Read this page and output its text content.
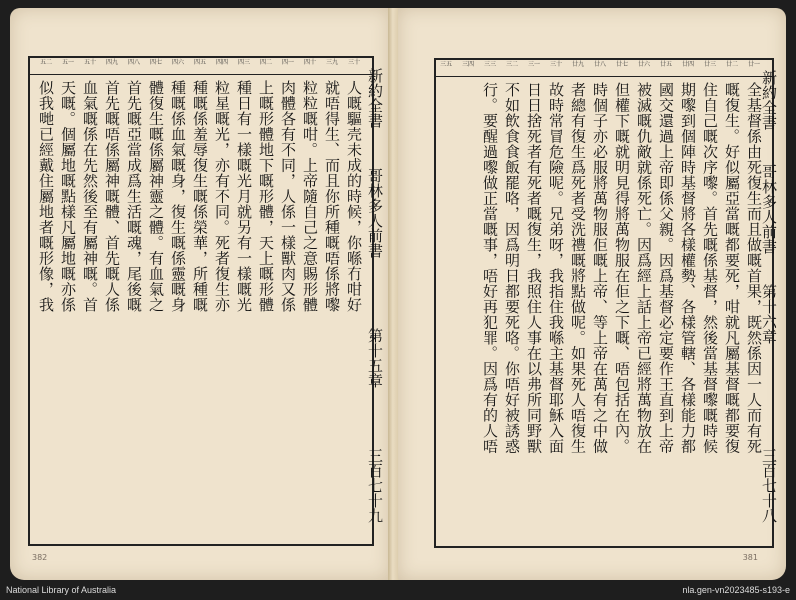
三十
三九
四十
四一
四二
四三
四四
四五
四六
四七
四八
四九
五十
五一
五二
人嘅驅壳未成的時候，你喺冇咁好
就唔得生、而且你所種嘅唔係將嚟
粒粒嘅咁。上帝隨自己之意賜形體
肉體各有不同，人係一樣獸肉又係
上嘅形體地下嘅形體，天上嘅形體
種日有一樣嘅光月就另有一樣嘅光
粒星嘅光，亦有不同。死者復生亦
種嘅係羞辱復生嘅係榮華，所種嘅
種嘅係血氣嘅身，復生嘅係靈嘅身
體復生嘅係屬神靈之體。有血氣之
首先嘅亞當成爲生活嘅魂，尾後嘅
首先嘅唔係屬神嘅體、首先嘅人係
血氣嘅係在先然後至有屬神嘅。首
天嘅。個屬地嘅點樣凡屬地嘅亦係
似我哋已經戴住屬地者嘅形像，我	新約全書
哥林多人前書
第十五章
三百七十九
382
廿一
廿二
廿三
廿四
廿五
廿六
廿七
廿八
廿九
三十
三一
三二
三三
三四
三五
全基督係由死復生而且做嘅首果，既然係因一人而有死
嘅復生。好似屬亞當嘅都要死，咁就凡屬基督嘅都要復
住自己嘅次序嚟。首先嘅係基督，然後當基督嚟嘅時候
期嚟到個陣時基督將各樣權勢、各樣管轄、各樣能力都
國交還過上帝即係父親。因爲基督必定要作王直到上帝
被滅嘅仇敵就係死亡。因爲經上話上帝已經將萬物放在
但權下嘅就明見得將萬物服在佢之下嘅、唔包括在內。
時個子亦必服將萬物服佢嘅上帝、等上帝在萬有之中做
者總有復生爲死者受洗禮嘅將點做呢。如果死人唔復生
故時常冒危險呢。兄弟呀，我指住我喺主基督耶穌入面
日日捨死者有死者嘅復生，我照住人事在以弗所同野獸
不如飲食食飯罷咯，因爲明日都要死咯。你唔好被誘惑
行。要醒過嚟做正當嘅事，唔好再犯罪。因爲有的人唔	新約全書
哥林多人前書
第十六章
三百七十八
381
National Library of Australia	nla.gen-vn2023485-s193-e
